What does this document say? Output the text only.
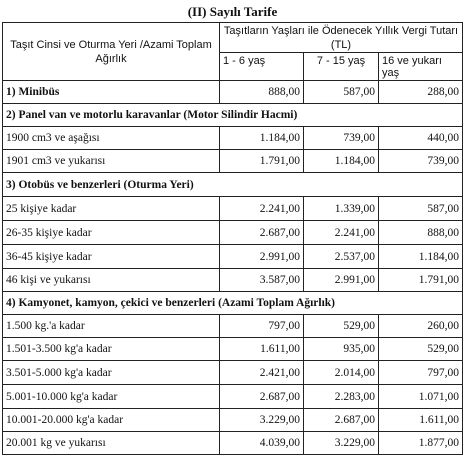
(II) Sayılı Tarife
Taşıt Cinsi ve Oturma Yeri /Azami Toplam Ağırlık	Taşıtların Yaşları ile Ödenecek Yıllık Vergi Tutarı (TL)		
	1 - 6 yaş	7 - 15 yaş	16 ve yukarı yaş
1) Minibüs	888,00	587,00	288,00
2) Panel van ve motorlu karavanlar (Motor Silindir Hacmi)			
1900 cm3 ve aşağısı	1.184,00	739,00	440,00
1901 cm3 ve yukarısı	1.791,00	1.184,00	739,00
3) Otobüs ve benzerleri (Oturma Yeri)			
25 kişiye kadar	2.241,00	1.339,00	587,00
26-35 kişiye kadar	2.687,00	2.241,00	888,00
36-45 kişiye kadar	2.991,00	2.537,00	1.184,00
46 kişi ve yukarısı	3.587,00	2.991,00	1.791,00
4) Kamyonet, kamyon, çekici ve benzerleri (Azami Toplam Ağırlık)			
1.500 kg.'a kadar	797,00	529,00	260,00
1.501-3.500 kg'a kadar	1.611,00	935,00	529,00
3.501-5.000 kg'a kadar	2.421,00	2.014,00	797,00
5.001-10.000 kg'a kadar	2.687,00	2.283,00	1.071,00
10.001-20.000 kg'a kadar	3.229,00	2.687,00	1.611,00
20.001 kg ve yukarısı	4.039,00	3.229,00	1.877,00
